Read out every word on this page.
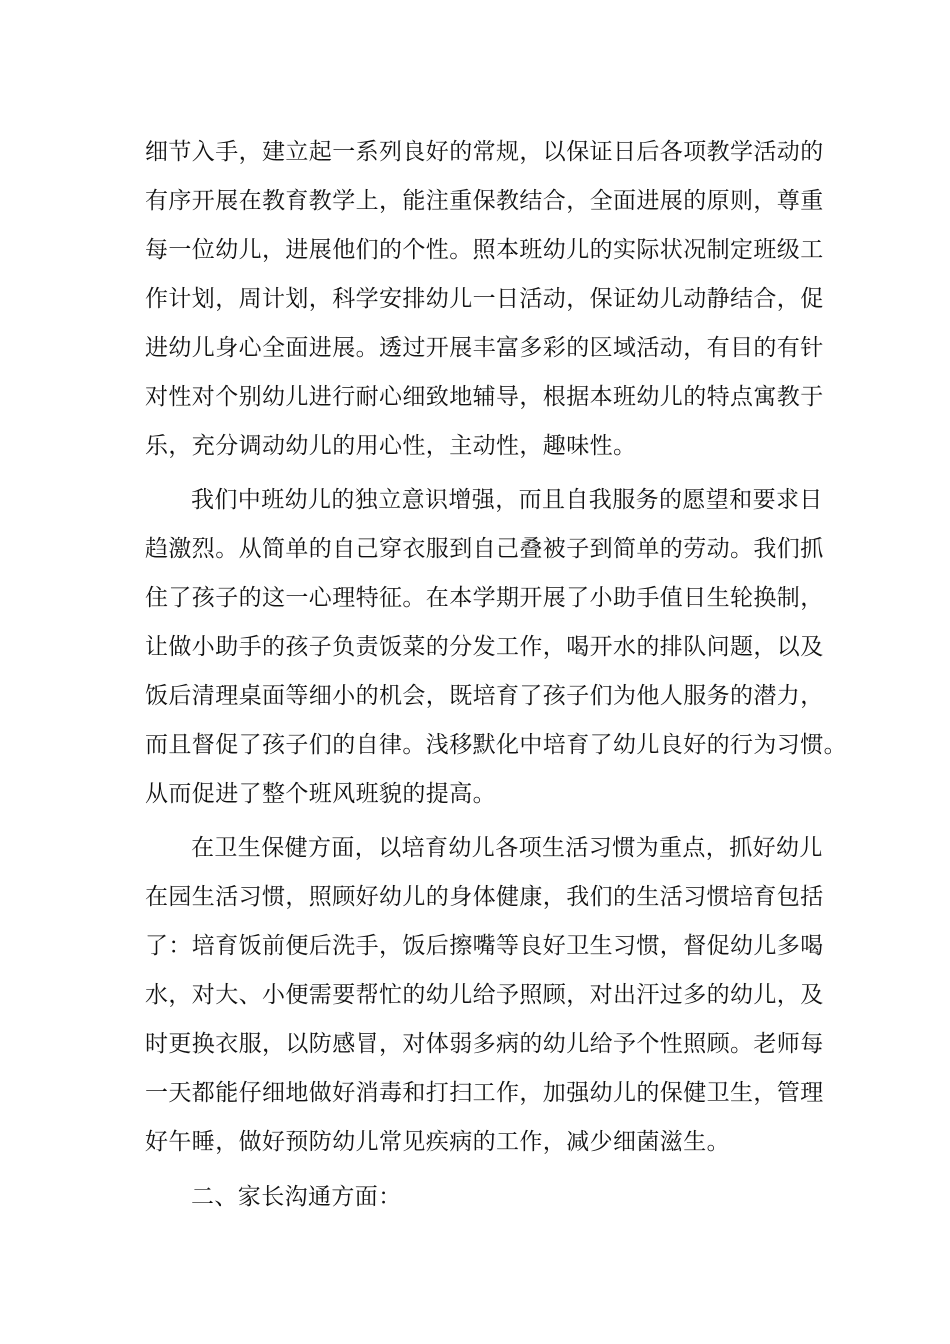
细节入手，建立起一系列良好的常规，以保证日后各项教学活动的
有序开展在教育教学上，能注重保教结合，全面进展的原则，尊重
每一位幼儿，进展他们的个性。照本班幼儿的实际状况制定班级工
作计划，周计划，科学安排幼儿一日活动，保证幼儿动静结合，促
进幼儿身心全面进展。透过开展丰富多彩的区域活动，有目的有针
对性对个别幼儿进行耐心细致地辅导，根据本班幼儿的特点寓教于
乐，充分调动幼儿的用心性，主动性，趣味性。
我们中班幼儿的独立意识增强，而且自我服务的愿望和要求日
趋激烈。从简单的自己穿衣服到自己叠被子到简单的劳动。我们抓
住了孩子的这一心理特征。在本学期开展了小助手值日生轮换制，
让做小助手的孩子负责饭菜的分发工作，喝开水的排队问题，以及
饭后清理桌面等细小的机会，既培育了孩子们为他人服务的潜力，
而且督促了孩子们的自律。浅移默化中培育了幼儿良好的行为习惯。
从而促进了整个班风班貌的提高。
在卫生保健方面，以培育幼儿各项生活习惯为重点，抓好幼儿
在园生活习惯，照顾好幼儿的身体健康，我们的生活习惯培育包括
了：培育饭前便后洗手，饭后擦嘴等良好卫生习惯，督促幼儿多喝
水，对大、小便需要帮忙的幼儿给予照顾，对出汗过多的幼儿，及
时更换衣服，以防感冒，对体弱多病的幼儿给予个性照顾。老师每
一天都能仔细地做好消毒和打扫工作，加强幼儿的保健卫生，管理
好午睡，做好预防幼儿常见疾病的工作，减少细菌滋生。
二、家长沟通方面：
